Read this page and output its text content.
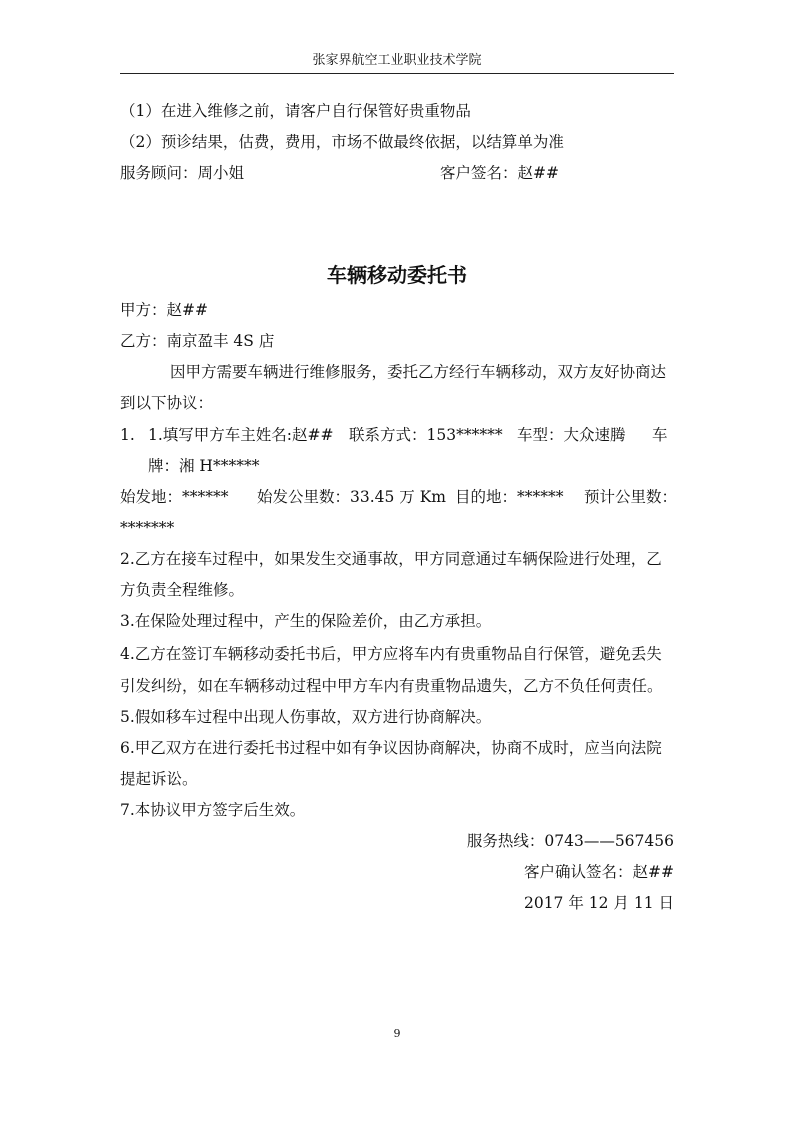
张家界航空工业职业技术学院
（1）在进入维修之前，请客户自行保管好贵重物品
（2）预诊结果，估费，费用，市场不做最终依据，以结算单为准
服务顾问：周小姐	客户签名：赵##
车辆移动委托书
甲方：赵##
乙方：南京盈丰 4S 店
因甲方需要车辆进行维修服务，委托乙方经行车辆移动，双方友好协商达
到以下协议：
1. 1.填写甲方车主姓名:赵## 联系方式：153****** 车型：大众速腾 车
牌：湘 H******
始发地：****** 始发公里数：33.45 万 Km 目的地：****** 预计公里数：
*******
2.乙方在接车过程中，如果发生交通事故，甲方同意通过车辆保险进行处理，乙
方负责全程维修。
3.在保险处理过程中，产生的保险差价，由乙方承担。
4.乙方在签订车辆移动委托书后，甲方应将车内有贵重物品自行保管，避免丢失
引发纠纷，如在车辆移动过程中甲方车内有贵重物品遗失，乙方不负任何责任。
5.假如移车过程中出现人伤事故，双方进行协商解决。
6.甲乙双方在进行委托书过程中如有争议因协商解决，协商不成时，应当向法院
提起诉讼。
7.本协议甲方签字后生效。
服务热线：0743——567456
客户确认签名：赵##
2017 年 12 月 11 日
9
